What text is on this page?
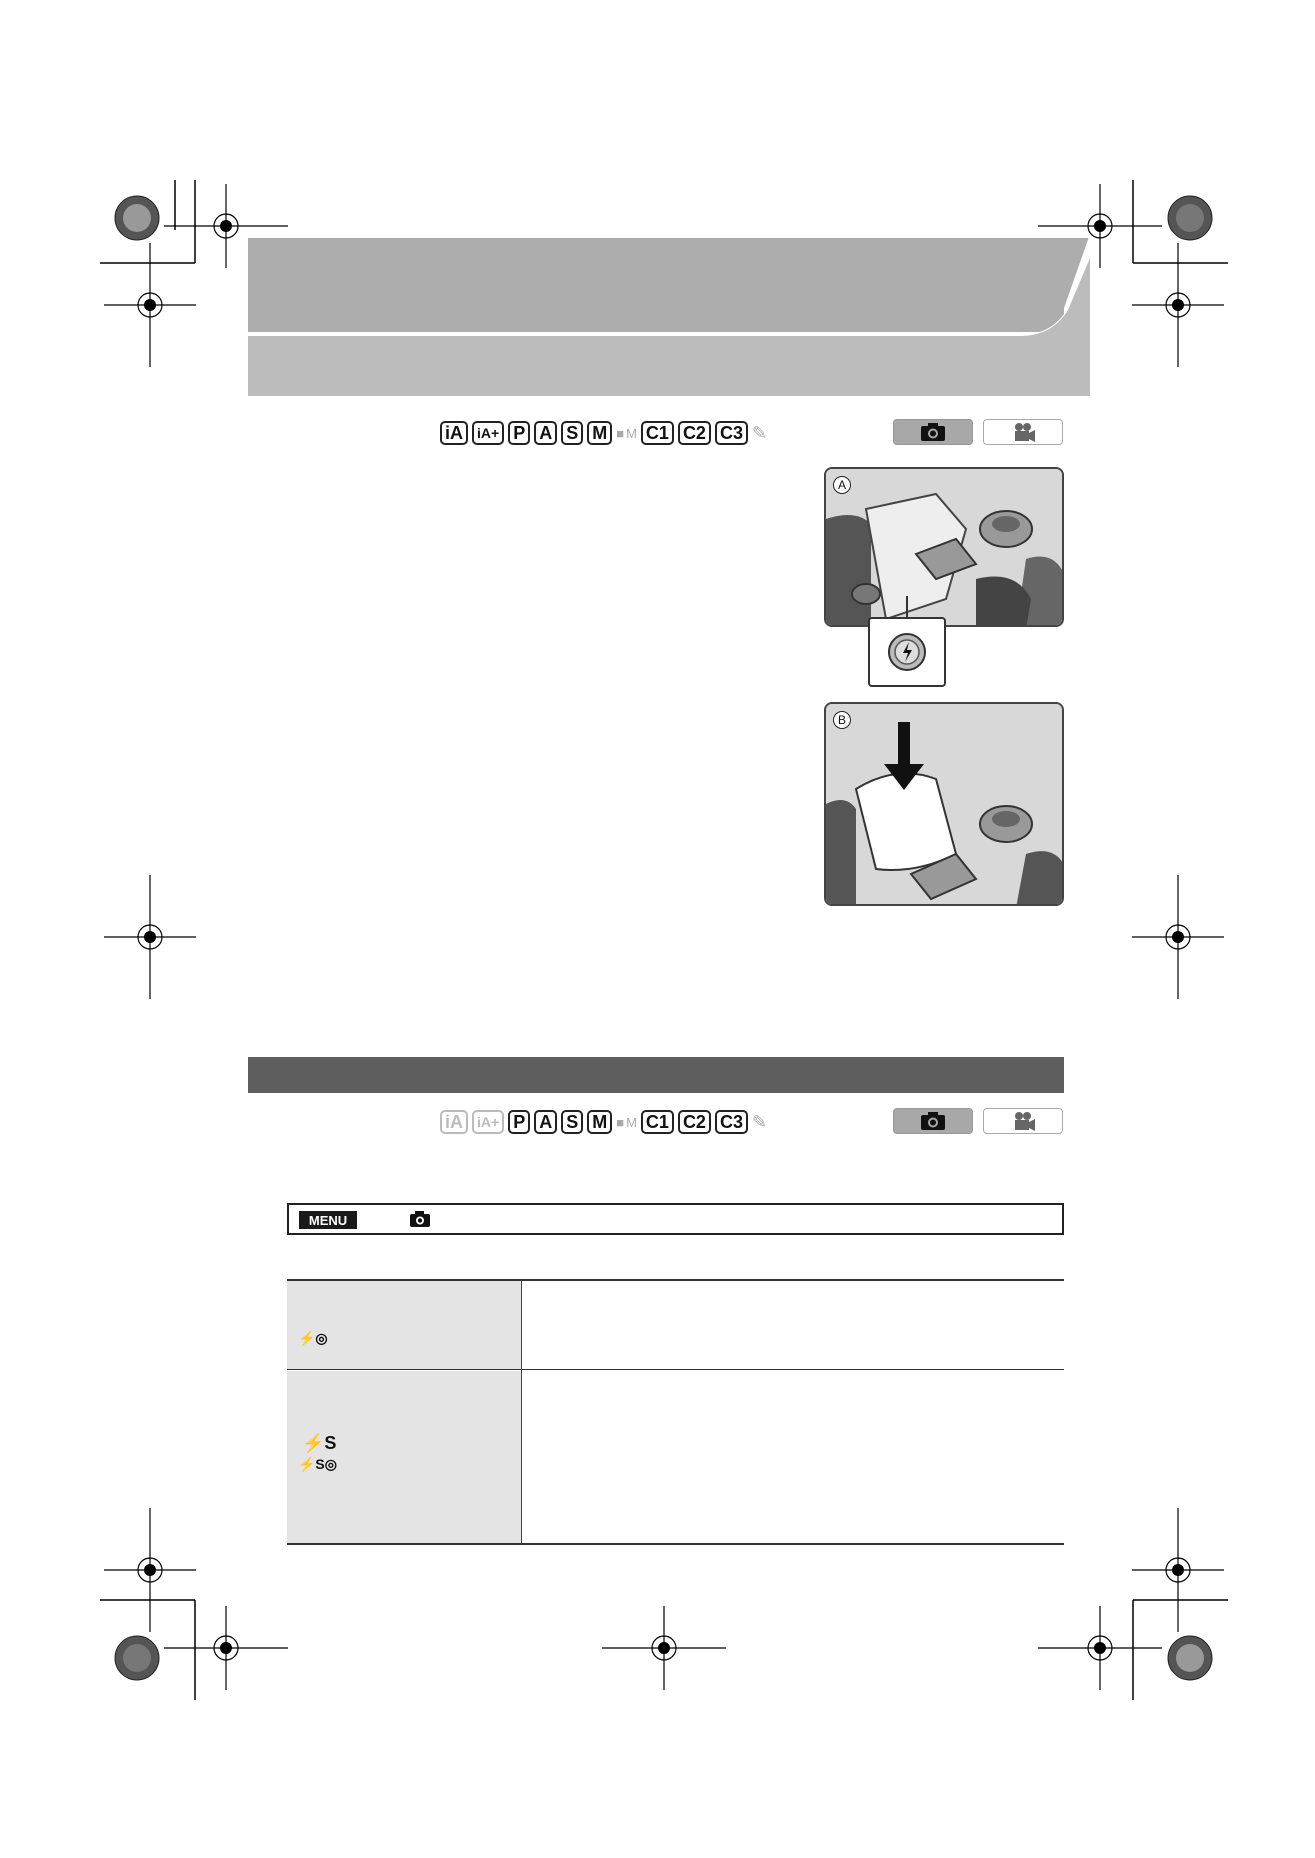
iA	iA+ P A S M ■ M C1 C2 C3 ✎
A
B
iA	iA+ P A S M ■ M C1 C2 C3 ✎
MENU
⚡◎
⚡S
⚡S◎
